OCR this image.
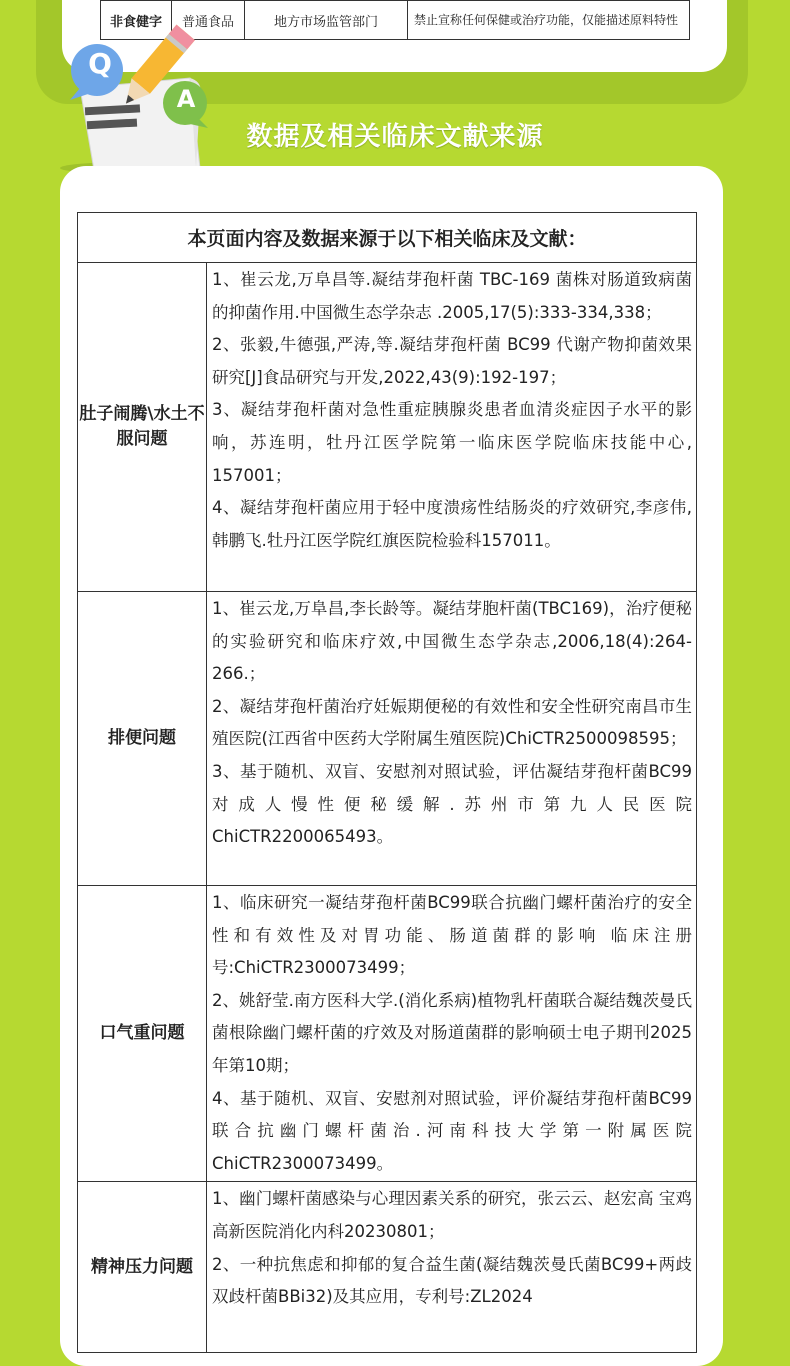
非食健字	普通食品	地方市场监管部门	禁止宣称任何保健或治疗功能，仅能描述原料特性
Q
A
数据及相关临床文献来源
本页面内容及数据来源于以下相关临床及文献：	
肚子闹腾\水土不服问题	1、崔云龙,万阜昌等.凝结芽孢杆菌 TBC-169 菌株对肠道致病菌的抑菌作用.中国微生态学杂志 .2005,17(5):333-334,338；

2、张毅,牛德强,严涛,等.凝结芽孢杆菌 BC99 代谢产物抑菌效果研究[J]食品研究与开发,2022,43(9):192-197；

3、凝结芽孢杆菌对急性重症胰腺炎患者血清炎症因子水平的影响，苏连明，牡丹江医学院第一临床医学院临床技能中心, 157001；

4、凝结芽孢杆菌应用于轻中度溃疡性结肠炎的疗效研究,李彦伟,韩鹏飞.牡丹江医学院红旗医院检验科157011。

排便问题	1、崔云龙,万阜昌,李长龄等。凝结芽胞杆菌(TBC169)，治疗便秘的实验研究和临床疗效,中国微生态学杂志,2006,18(4):264-266.；

2、凝结芽孢杆菌治疗妊娠期便秘的有效性和安全性研究南昌市生殖医院(江西省中医药大学附属生殖医院)ChiCTR2500098595；

3、基于随机、双盲、安慰剂对照试验，评估凝结芽孢杆菌BC99对成人慢性便秘缓解.苏州市第九人民医院ChiCTR2200065493。

口气重问题	1、临床研究一凝结芽孢杆菌BC99联合抗幽门螺杆菌治疗的安全性和有效性及对胃功能、肠道菌群的影响 临床注册号:ChiCTR2300073499；

2、姚舒莹.南方医科大学.(消化系病)植物乳杆菌联合凝结魏茨曼氏菌根除幽门螺杆菌的疗效及对肠道菌群的影响硕士电子期刊2025年第10期；

4、基于随机、双盲、安慰剂对照试验，评价凝结芽孢杆菌BC99联合抗幽门螺杆菌治.河南科技大学第一附属医院ChiCTR2300073499。

精神压力问题	1、幽门螺杆菌感染与心理因素关系的研究，张云云、赵宏高 宝鸡高新医院消化内科20230801；

2、一种抗焦虑和抑郁的复合益生菌(凝结魏茨曼氏菌BC99+两歧双歧杆菌BBi32)及其应用，专利号:ZL2024
